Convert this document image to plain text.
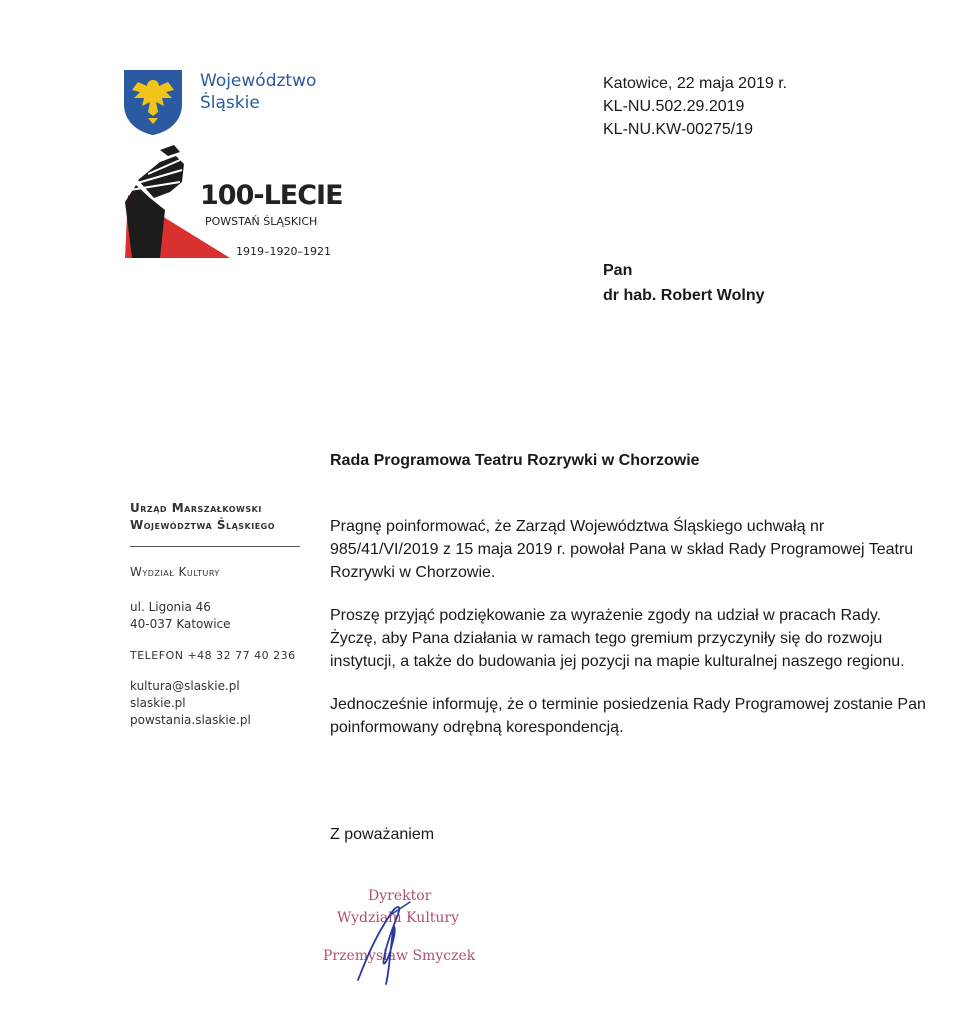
Województwo
Śląskie
100-LECIE
POWSTAŃ ŚLĄSKICH
1919–1920–1921
Katowice, 22 maja 2019 r.
KL-NU.502.29.2019
KL-NU.KW-00275/19
Pan
dr hab. Robert Wolny
Rada Programowa Teatru Rozrywki w Chorzowie
Urząd Marszałkowski
Województwa Śląskiego
Wydział Kultury
ul. Ligonia 46
40-037 Katowice
TELEFON +48 32 77 40 236
kultura@slaskie.pl
slaskie.pl
powstania.slaskie.pl

Pragnę poinformować, że Zarząd Województwa Śląskiego uchwałą nr 985/41/VI/2019 z 15 maja 2019 r. powołał Pana w skład Rady Programowej Teatru Rozrywki w Chorzowie.

Proszę przyjąć podziękowanie za wyrażenie zgody na udział w pracach Rady. Życzę, aby Pana działania w ramach tego gremium przyczyniły się do rozwoju instytucji, a także do budowania jej pozycji na mapie kulturalnej naszego regionu.

Jednocześnie informuję, że o terminie posiedzenia Rady Programowej zostanie Pan poinformowany odrębną korespondencją.

Z poważaniem
Dyrektor
Wydziału Kultury
Przemysław Smyczek
